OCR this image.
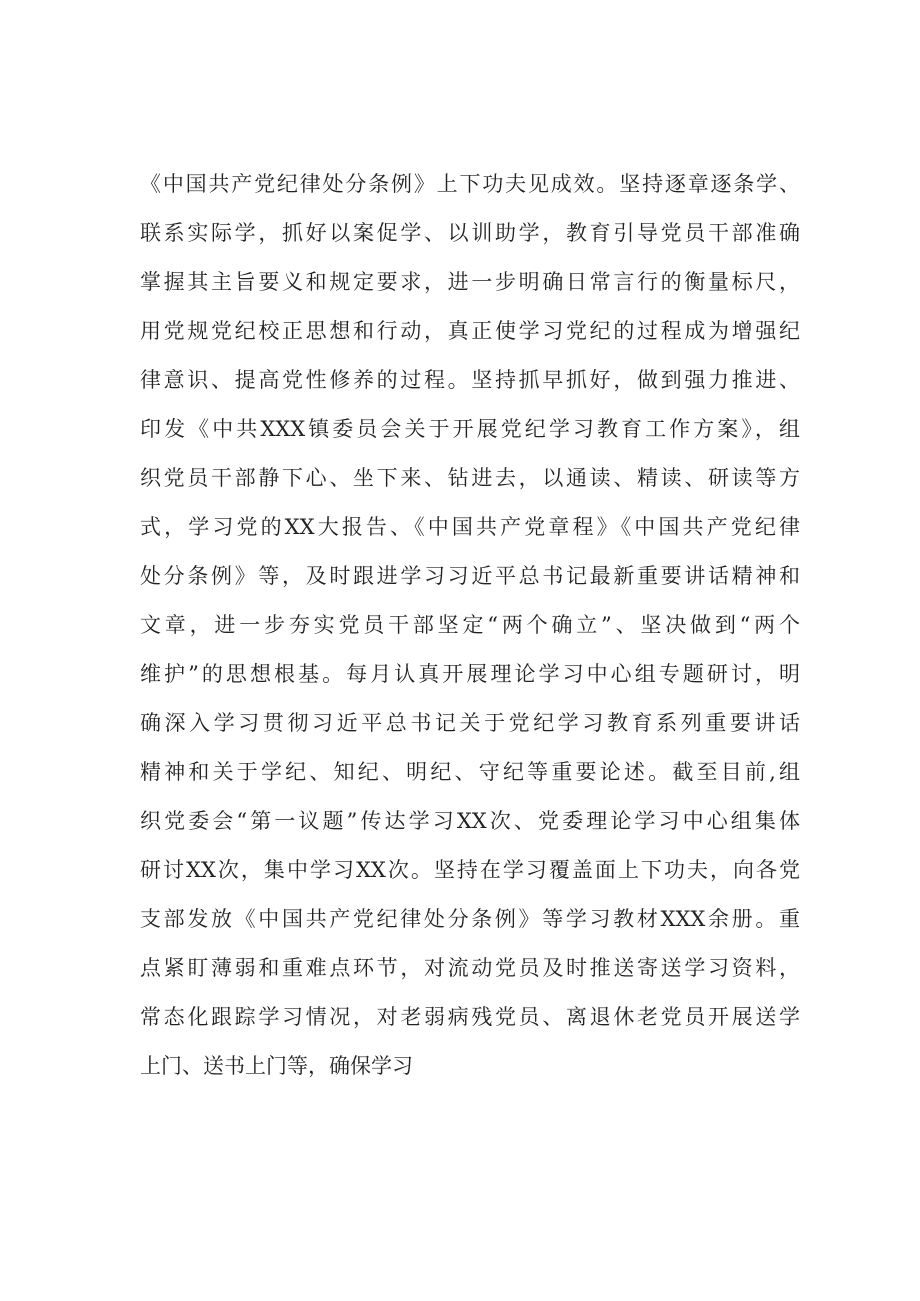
《中国共产党纪律处分条例》上下功夫见成效。坚持逐章逐条学、
联系实际学，抓好以案促学、以训助学，教育引导党员干部准确
掌握其主旨要义和规定要求，进一步明确日常言行的衡量标尺，
用党规党纪校正思想和行动，真正使学习党纪的过程成为增强纪
律意识、提高党性修养的过程。坚持抓早抓好，做到强力推进、
印发《中共XXX镇委员会关于开展党纪学习教育工作方案》，组
织党员干部静下心、坐下来、钻进去，以通读、精读、研读等方
式，学习党的XX大报告、《中国共产党章程》《中国共产党纪律
处分条例》等，及时跟进学习习近平总书记最新重要讲话精神和
文章，进一步夯实党员干部坚定“两个确立”、坚决做到“两个
维护”的思想根基。每月认真开展理论学习中心组专题研讨，明
确深入学习贯彻习近平总书记关于党纪学习教育系列重要讲话
精神和关于学纪、知纪、明纪、守纪等重要论述。截至目前,组
织党委会“第一议题”传达学习XX次、党委理论学习中心组集体
研讨XX次，集中学习XX次。坚持在学习覆盖面上下功夫，向各党
支部发放《中国共产党纪律处分条例》等学习教材XXX余册。重
点紧盯薄弱和重难点环节，对流动党员及时推送寄送学习资料，
常态化跟踪学习情况，对老弱病残党员、离退休老党员开展送学
上门、送书上门等，确保学习
